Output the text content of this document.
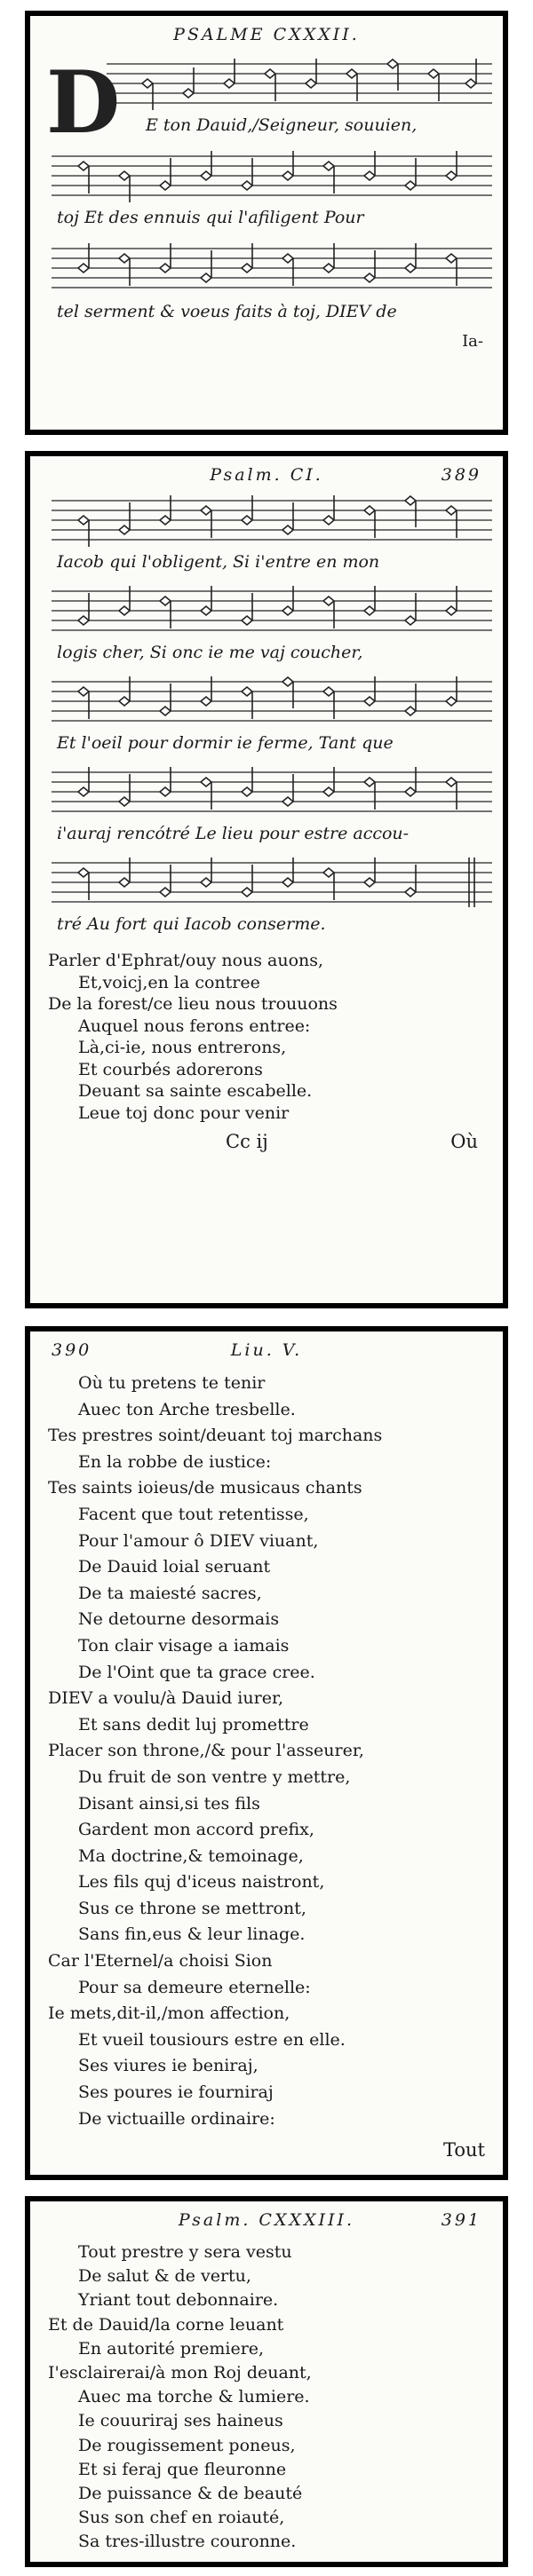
PSALME CXXXII.
D E ton Dauid,/Seigneur, souuien,
toj Et des ennuis qui l'afiligent Pour
tel serment & voeus faits à toj, DIEV de
Ia-
Psalm. CI.	389
Iacob qui l'obligent, Si i'entre en mon
logis cher, Si onc ie me vaj coucher,
Et l'oeil pour dormir ie ferme, Tant que
i'auraj rencótré Le lieu pour estre accou-
tré Au fort qui Iacob conserme.
Parler d'Ephrat/ouy nous auons,
Et,voicj,en la contree
De la forest/ce lieu nous trouuons
Auquel nous ferons entree:
Là,ci-ie, nous entrerons,
Et courbés adorerons
Deuant sa sainte escabelle.
Leue toj donc pour venir
Cc ij	Où
390	Liu. V.
Où tu pretens te tenir
Auec ton Arche tresbelle.
Tes prestres soint/deuant toj marchans
En la robbe de iustice:
Tes saints ioieus/de musicaus chants
Facent que tout retentisse,
Pour l'amour ô DIEV viuant,
De Dauid loial seruant
De ta maiesté sacres,
Ne detourne desormais
Ton clair visage a iamais
De l'Oint que ta grace cree.
DIEV a voulu/à Dauid iurer,
Et sans dedit luj promettre
Placer son throne,/& pour l'asseurer,
Du fruit de son ventre y mettre,
Disant ainsi,si tes fils
Gardent mon accord prefix,
Ma doctrine,& temoinage,
Les fils quj d'iceus naistront,
Sus ce throne se mettront,
Sans fin,eus & leur linage.
Car l'Eternel/a choisi Sion
Pour sa demeure eternelle:
Ie mets,dit-il,/mon affection,
Et vueil tousiours estre en elle.
Ses viures ie beniraj,
Ses poures ie fourniraj
De victuaille ordinaire:
Tout
Psalm. CXXXIII.	391
Tout prestre y sera vestu
De salut & de vertu,
Yriant tout debonnaire.
Et de Dauid/la corne leuant
En autorité premiere,
I'esclairerai/à mon Roj deuant,
Auec ma torche & lumiere.
Ie couuriraj ses haineus
De rougissement poneus,
Et si feraj que fleuronne
De puissance & de beauté
Sus son chef en roiauté,
Sa tres-illustre couronne.
